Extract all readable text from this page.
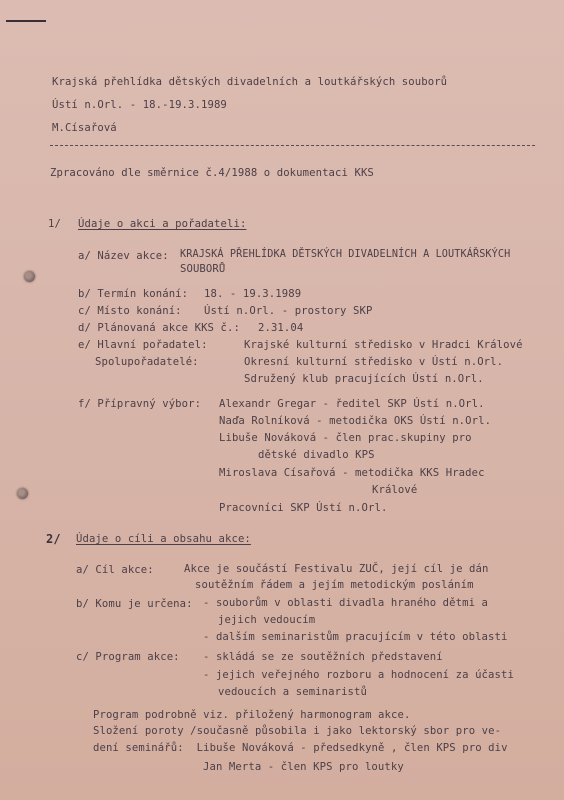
Krajská přehlídka dětských divadelních a loutkářských souborů
Ústí n.Orl. - 18.-19.3.1989
M.Císařová
Zpracováno dle směrnice č.4/1988 o dokumentaci KKS
1/ Údaje o akci a pořadateli:
a/ Název akce: KRAJSKÁ PŘEHLÍDKA DĚTSKÝCH DIVADELNÍCH A LOUTKÁŘSKÝCH
SOUBORŮ
b/ Termín konání: 18. - 19.3.1989
c/ Místo konání: Ústí n.Orl. - prostory SKP
d/ Plánovaná akce KKS č.: 2.31.04
e/ Hlavní pořadatel:	Krajské kulturní středisko v Hradci Králové
Spolupořadatelé:	Okresní kulturní středisko v Ústí n.Orl.
Sdružený klub pracujících Ústí n.Orl.
f/ Přípravný výbor: Alexandr Gregar - ředitel SKP Ústí n.Orl.
Naďa Rolníková - metodička OKS Ústí n.Orl.
Libuše Nováková - člen prac.skupiny pro
dětské divadlo KPS
Miroslava Císařová - metodička KKS Hradec
Králové
Pracovníci SKP Ústí n.Orl.
2/ Údaje o cíli a obsahu akce:
a/ Cíl akce:	Akce je součástí Festivalu ZUČ, její cíl je dán
soutěžním řádem a jejím metodickým posláním
b/ Komu je určena: - souborům v oblasti divadla hraného dětmi a
jejich vedoucím
- dalším seminaristům pracujícím v této oblasti
c/ Program akce: - skládá se ze soutěžních představení
- jejich veřejného rozboru a hodnocení za účasti
vedoucích a seminaristů
Program podrobně viz. přiložený harmonogram akce.
Složení poroty /současně působila i jako lektorský sbor pro ve-
dení seminářů:  Libuše Nováková - předsedkyně , člen KPS pro div
Jan Merta - člen KPS pro loutky
